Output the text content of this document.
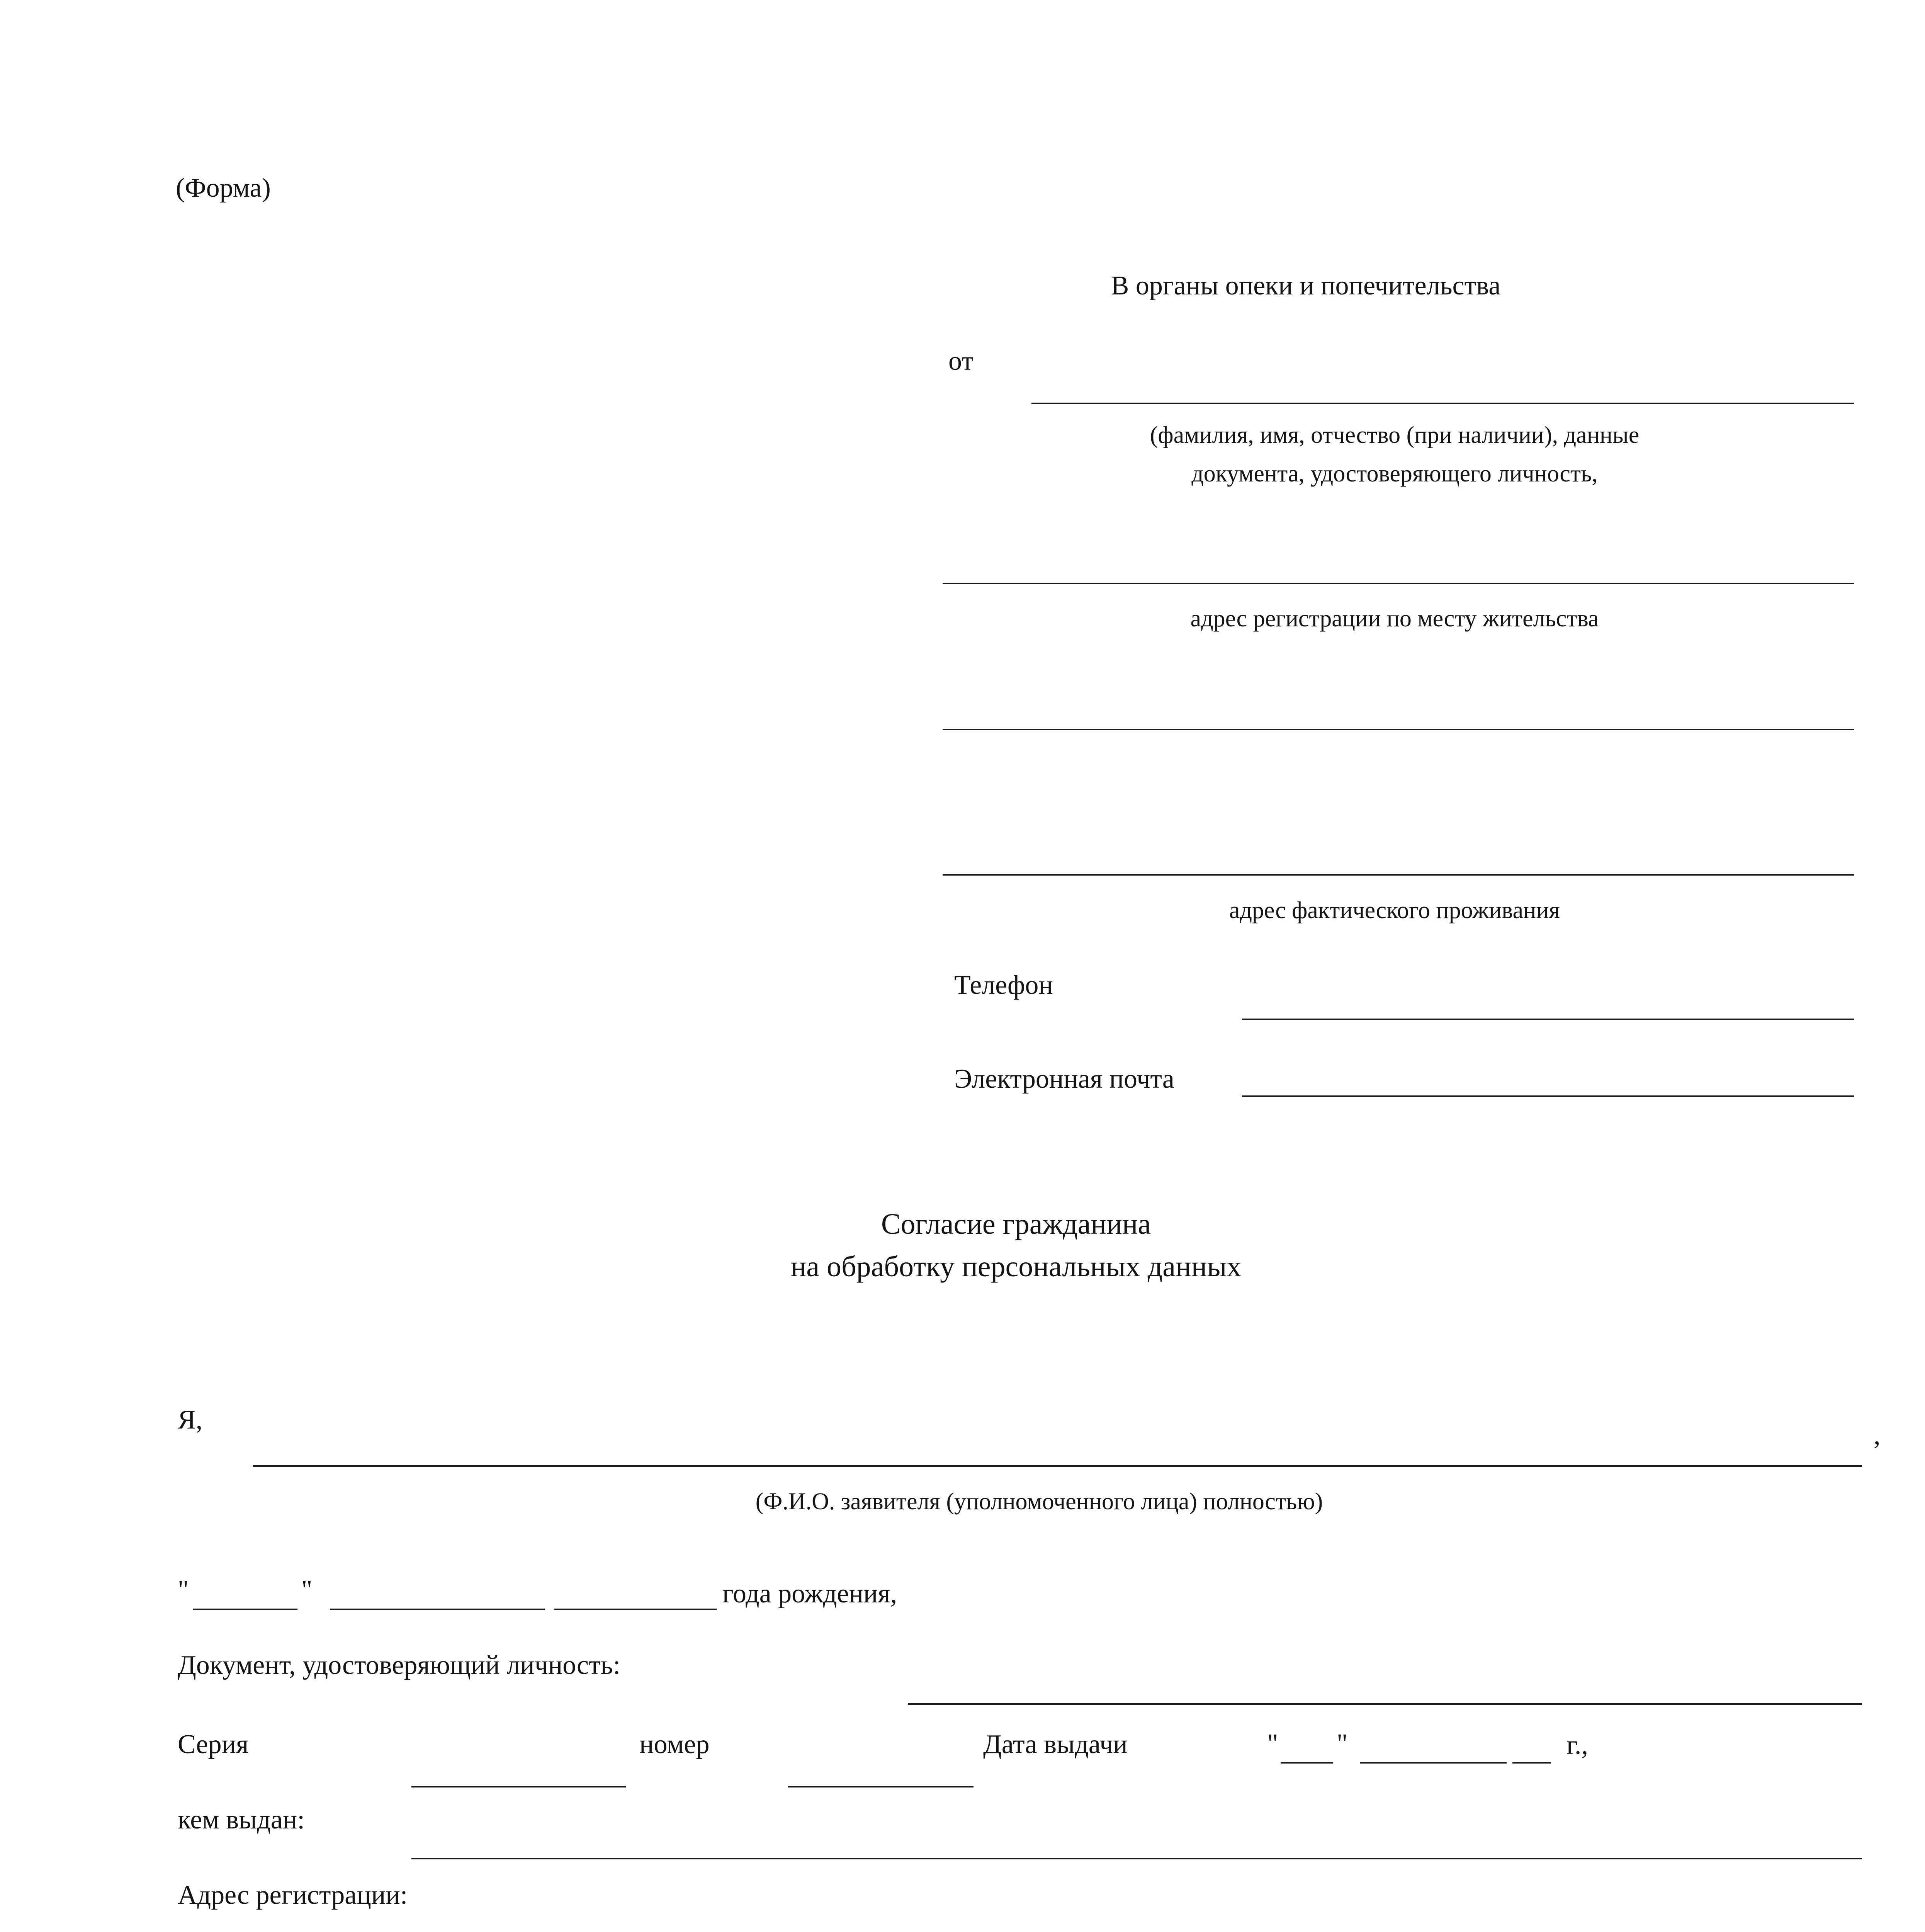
(Форма)
В органы опеки и попечительства
от
(фамилия, имя, отчество (при наличии), данные
документа, удостоверяющего личность,
адрес регистрации по месту жительства
адрес фактического проживания
Телефон
Электронная почта
Согласие гражданина
на обработку персональных данных
Я,
,
(Ф.И.О. заявителя (уполномоченного лица) полностью)
"	"	года рождения,
Документ, удостоверяющий личность:
Серия	номер	Дата выдачи	" "	г.,
кем выдан:
Адрес регистрации:
